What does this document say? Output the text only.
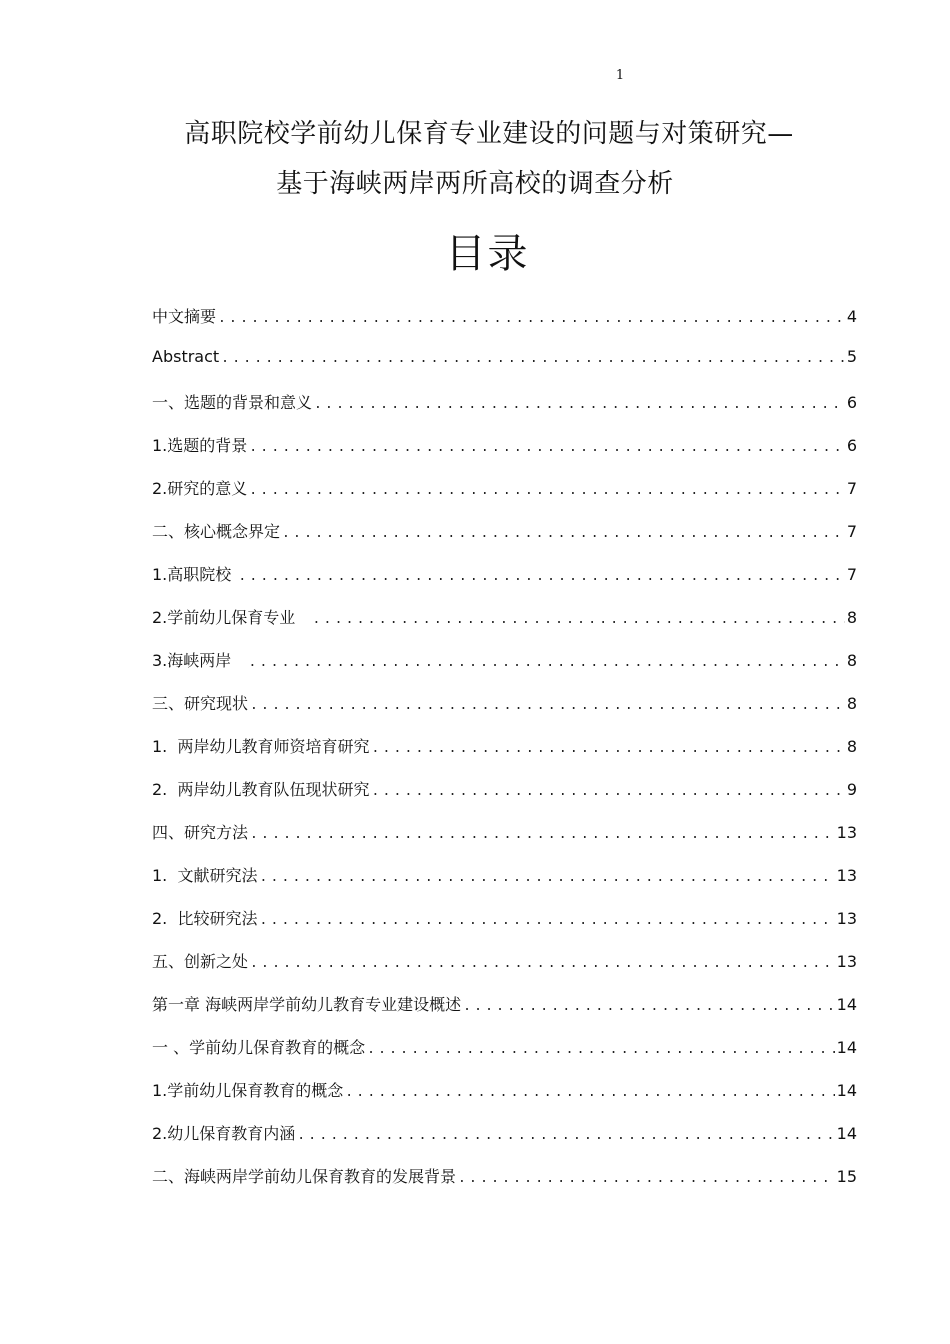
1
高职院校学前幼儿保育专业建设的问题与对策研究—
基于海峡两岸两所高校的调查分析
目录
中文摘要 .....	4
Abstract .....	5
一、选题的背景和意义 .....	6
1.选题的背景 .....	6
2.研究的意义 .....	7
二、核心概念界定 .....	7
1.高职院校 .....	7
2.学前幼儿保育专业 .....	8
3.海峡两岸 .....	8
三、研究现状 .....	8
1.  两岸幼儿教育师资培育研究 .....	8
2.  两岸幼儿教育队伍现状研究 .....	9
四、研究方法 .....	13
1.  文献研究法 .....	13
2.  比较研究法 .....	13
五、创新之处 .....	13
第一章 海峡两岸学前幼儿教育专业建设概述 .....	14
一 、学前幼儿保育教育的概念 .....	14
1.学前幼儿保育教育的概念 .....	14
2.幼儿保育教育内涵 .....	14
二、海峡两岸学前幼儿保育教育的发展背景 .....	15
